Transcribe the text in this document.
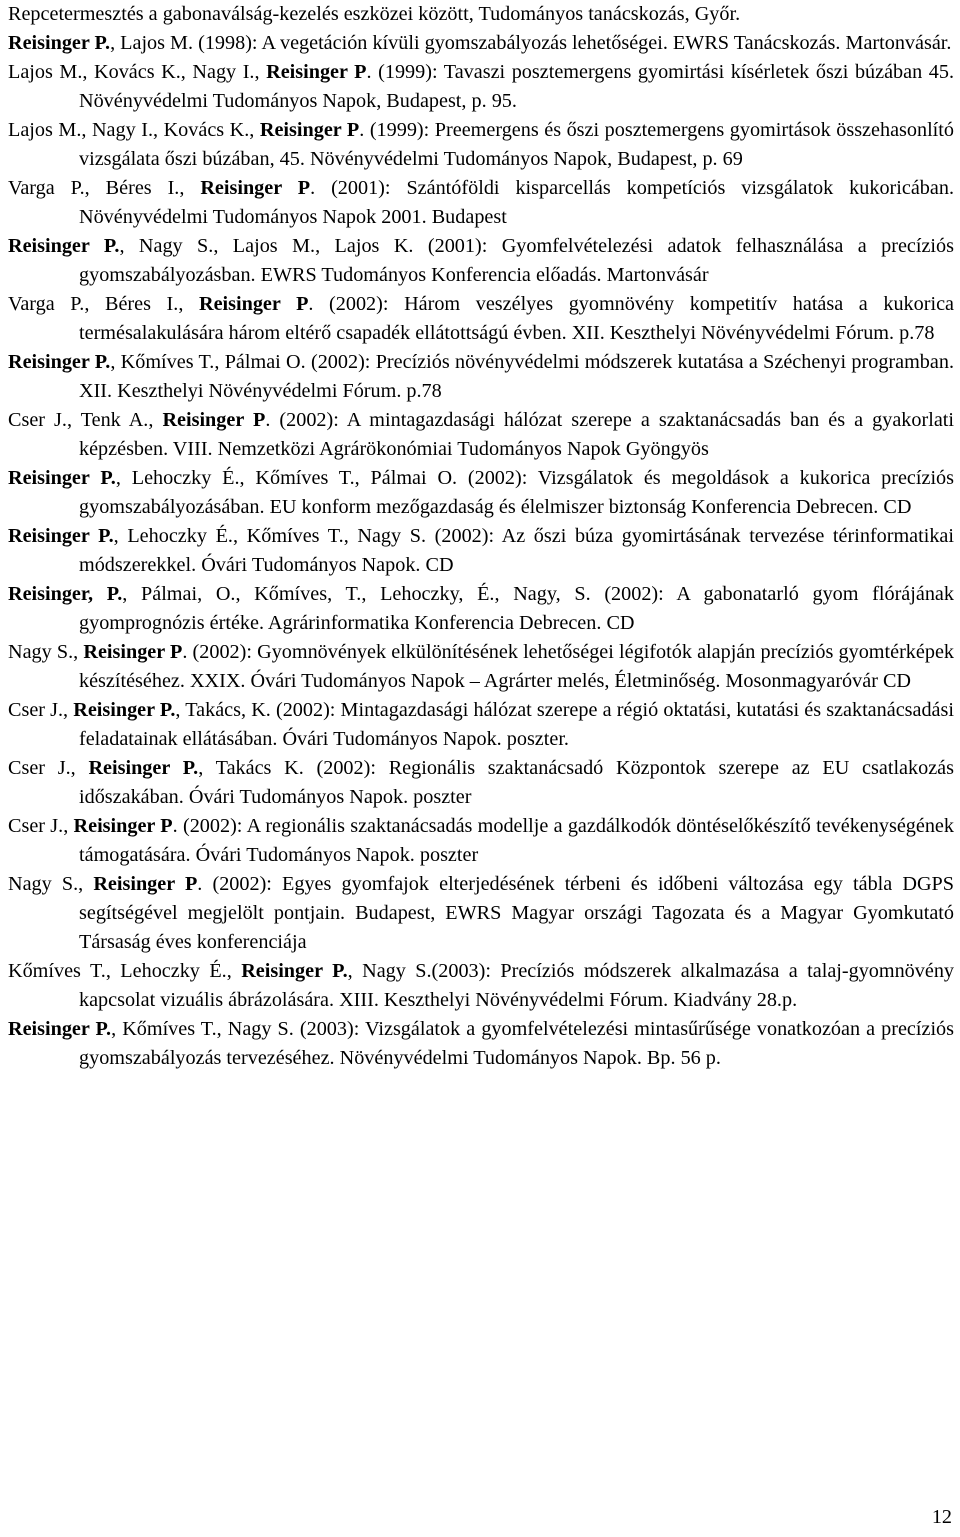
Repcetermesztés a gabonaválság-kezelés eszközei között, Tudományos tanácskozás, Győr.

Reisinger P., Lajos M. (1998): A vegetáción kívüli gyomszabályozás lehetőségei. EWRS Tanácskozás. Martonvásár.

Lajos M., Kovács K., Nagy I., Reisinger P. (1999): Tavaszi posztemergens gyomirtási kísérletek őszi búzában 45. Növényvédelmi Tudományos Napok, Budapest, p. 95.

Lajos M., Nagy I., Kovács K., Reisinger P. (1999): Preemergens és őszi posztemergens gyomirtások összehasonlító vizsgálata őszi búzában, 45. Növényvédelmi Tudományos Napok, Budapest, p. 69

Varga P., Béres I., Reisinger P. (2001): Szántóföldi kisparcellás kompetíciós vizsgálatok kukoricában. Növényvédelmi Tudományos Napok 2001. Budapest

Reisinger P., Nagy S., Lajos M., Lajos K. (2001): Gyomfelvételezési adatok felhasználása a precíziós gyomszabályozásban. EWRS Tudományos Konferencia előadás. Martonvásár

Varga P., Béres I., Reisinger P. (2002): Három veszélyes gyomnövény kompetitív hatása a kukorica termésalakulására három eltérő csapadék ellátottságú évben. XII. Keszthelyi Növényvédelmi Fórum. p.78

Reisinger P., Kőmíves T., Pálmai O. (2002): Precíziós növényvédelmi módszerek kutatása a Széchenyi programban. XII. Keszthelyi Növényvédelmi Fórum. p.78

Cser J., Tenk A., Reisinger P. (2002): A mintagazdasági hálózat szerepe a szaktanácsadás ban és a gyakorlati képzésben. VIII. Nemzetközi Agrárökonómiai Tudományos Napok Gyöngyös

Reisinger P., Lehoczky É., Kőmíves T., Pálmai O. (2002): Vizsgálatok és megoldások a kukorica precíziós gyomszabályozásában. EU konform mezőgazdaság és élelmiszer biztonság Konferencia Debrecen. CD

Reisinger P., Lehoczky É., Kőmíves T., Nagy S. (2002): Az őszi búza gyomirtásának tervezése térinformatikai módszerekkel. Óvári Tudományos Napok. CD

Reisinger, P., Pálmai, O., Kőmíves, T., Lehoczky, É., Nagy, S. (2002): A gabonatarló gyom flórájának gyomprognózis értéke. Agrárinformatika Konferencia Debrecen. CD

Nagy S., Reisinger P. (2002): Gyomnövények elkülönítésének lehetőségei légifotók alapján precíziós gyomtérképek készítéséhez. XXIX. Óvári Tudományos Napok – Agrárter melés, Életminőség. Mosonmagyaróvár CD

Cser J., Reisinger P., Takács, K. (2002): Mintagazdasági hálózat szerepe a régió oktatási, kutatási és szaktanácsadási feladatainak ellátásában. Óvári Tudományos Napok. poszter.

Cser J., Reisinger P., Takács K. (2002): Regionális szaktanácsadó Központok szerepe az EU csatlakozás időszakában. Óvári Tudományos Napok. poszter

Cser J., Reisinger P. (2002): A regionális szaktanácsadás modellje a gazdálkodók döntéselőkészítő tevékenységének támogatására. Óvári Tudományos Napok. poszter

Nagy S., Reisinger P. (2002): Egyes gyomfajok elterjedésének térbeni és időbeni változása egy tábla DGPS segítségével megjelölt pontjain. Budapest, EWRS Magyar országi Tagozata és a Magyar Gyomkutató Társaság éves konferenciája

Kőmíves T., Lehoczky É., Reisinger P., Nagy S.(2003): Precíziós módszerek alkalmazása a talaj-gyomnövény kapcsolat vizuális ábrázolására. XIII. Keszthelyi Növényvédelmi Fórum. Kiadvány 28.p.

Reisinger P., Kőmíves T., Nagy S. (2003): Vizsgálatok a gyomfelvételezési mintasűrűsége vonatkozóan a precíziós gyomszabályozás tervezéséhez. Növényvédelmi Tudományos Napok. Bp. 56 p.

12
